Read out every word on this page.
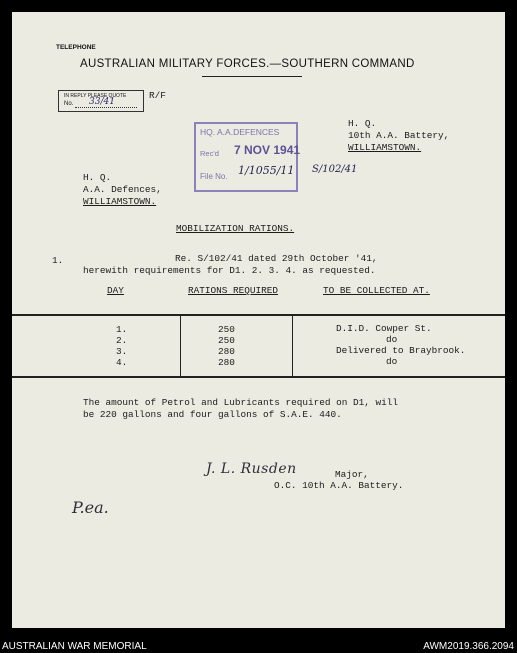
TELEPHONE
AUSTRALIAN MILITARY FORCES.—SOUTHERN COMMAND
IN REPLY PLEASE QUOTE
No. 33/41
R/F
HQ. A.A.DEFENCES
Rec'd 7 NOV 1941
File No. 1/1055/11 S/102/41
H. Q.
10th A.A. Battery,
WILLIAMSTOWN.
H. Q.
A.A. Defences,
WILLIAMSTOWN.
MOBILIZATION RATIONS.
1.	Re. S/102/41 dated 29th October '41,
herewith requirements for D1. 2. 3. 4. as requested.
DAY	RATIONS REQUIRED	TO BE COLLECTED AT.
1.	250	D.I.D. Cowper St.
2.	250	do
3.	280	Delivered to Braybrook.
4.	280	do
The amount of Petrol and Lubricants required on D1, will
be 220 gallons and four gallons of S.A.E. 440.
J. L. Rusden	Major,
O.C. 10th A.A. Battery.
P.ea.
AUSTRALIAN WAR MEMORIAL	AWM2019.366.2094
